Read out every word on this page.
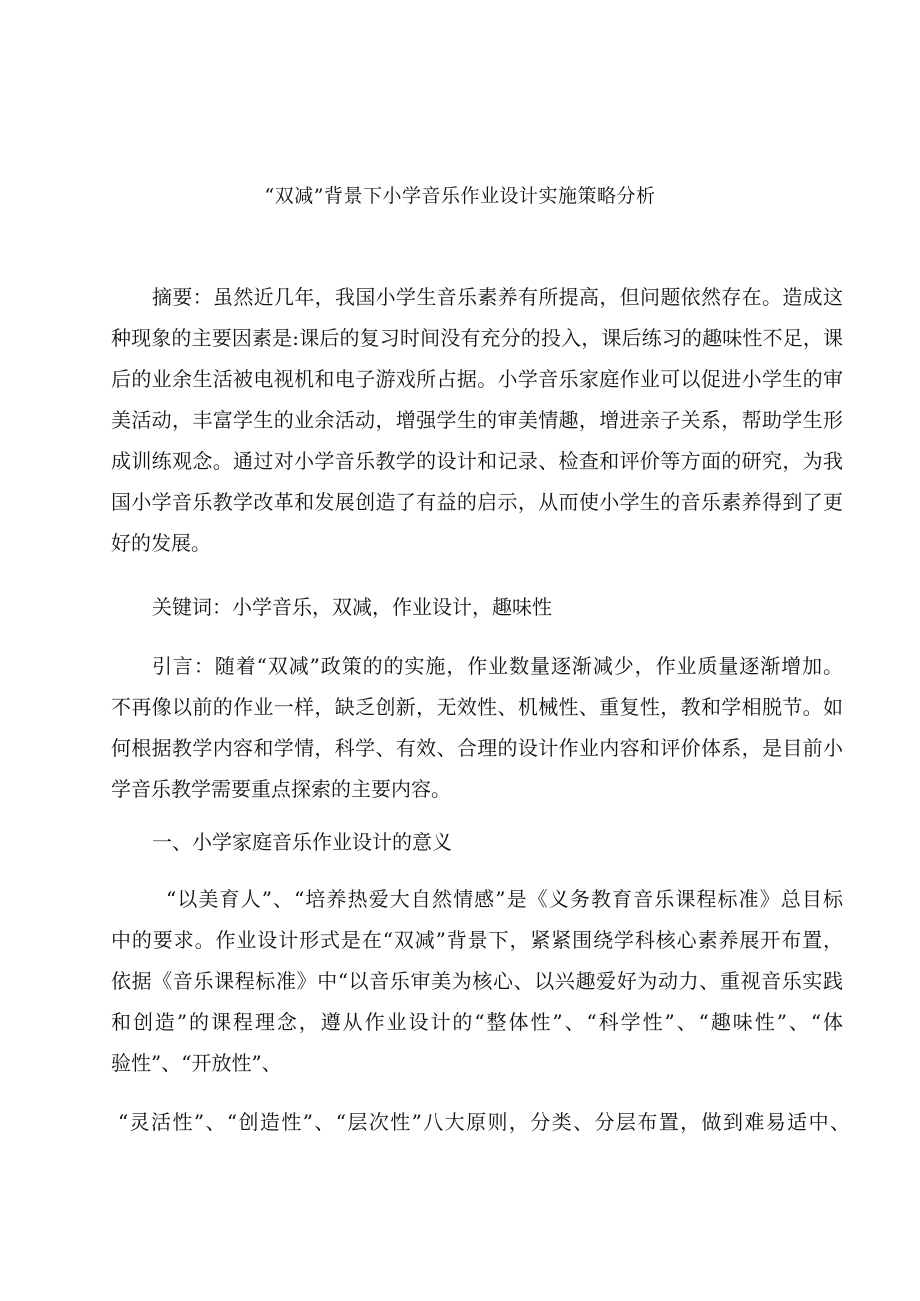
“双减”背景下小学音乐作业设计实施策略分析
摘要：虽然近几年，我国小学生音乐素养有所提高，但问题依然存在。造成这
种现象的主要因素是:课后的复习时间没有充分的投入，课后练习的趣味性不足，课
后的业余生活被电视机和电子游戏所占据。小学音乐家庭作业可以促进小学生的审
美活动，丰富学生的业余活动，增强学生的审美情趣，增进亲子关系，帮助学生形
成训练观念。通过对小学音乐教学的设计和记录、检查和评价等方面的研究，为我
国小学音乐教学改革和发展创造了有益的启示，从而使小学生的音乐素养得到了更
好的发展。
关键词：小学音乐，双减，作业设计，趣味性
引言：随着“双减”政策的的实施，作业数量逐渐减少，作业质量逐渐增加。
不再像以前的作业一样，缺乏创新，无效性、机械性、重复性，教和学相脱节。如
何根据教学内容和学情，科学、有效、合理的设计作业内容和评价体系，是目前小
学音乐教学需要重点探索的主要内容。
一、小学家庭音乐作业设计的意义
“以美育人”、“培养热爱大自然情感”是《义务教育音乐课程标准》总目标
中的要求。作业设计形式是在“双减”背景下，紧紧围绕学科核心素养展开布置，
依据《音乐课程标准》中“以音乐审美为核心、以兴趣爱好为动力、重视音乐实践
和创造”的课程理念，遵从作业设计的“整体性”、“科学性”、“趣味性”、“体
验性”、“开放性”、
“灵活性”、“创造性”、“层次性”八大原则，分类、分层布置，做到难易适中、
